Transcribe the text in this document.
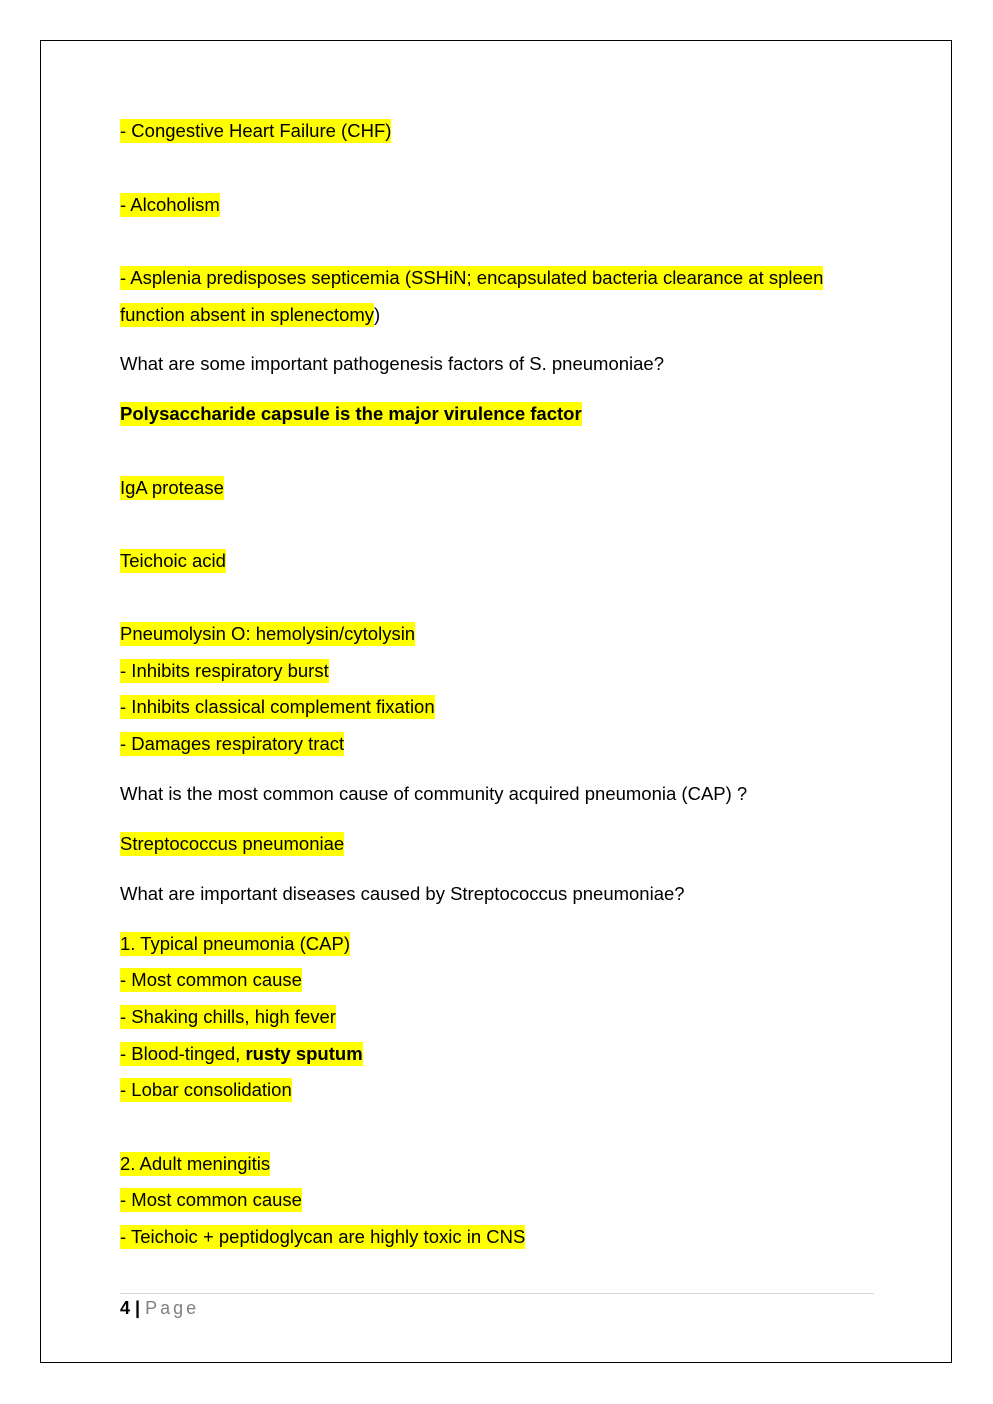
- Congestive Heart Failure (CHF)
- Alcoholism
- Asplenia predisposes septicemia (SSHiN; encapsulated bacteria clearance at spleen
function absent in splenectomy)
What are some important pathogenesis factors of S. pneumoniae?
Polysaccharide capsule is the major virulence factor
IgA protease
Teichoic acid
Pneumolysin O: hemolysin/cytolysin
- Inhibits respiratory burst
- Inhibits classical complement fixation
- Damages respiratory tract
What is the most common cause of community acquired pneumonia (CAP) ?
Streptococcus pneumoniae
What are important diseases caused by Streptococcus pneumoniae?
1. Typical pneumonia (CAP)
- Most common cause
- Shaking chills, high fever
- Blood-tinged, rusty sputum
- Lobar consolidation
2. Adult meningitis
- Most common cause
- Teichoic + peptidoglycan are highly toxic in CNS
4 | Page
